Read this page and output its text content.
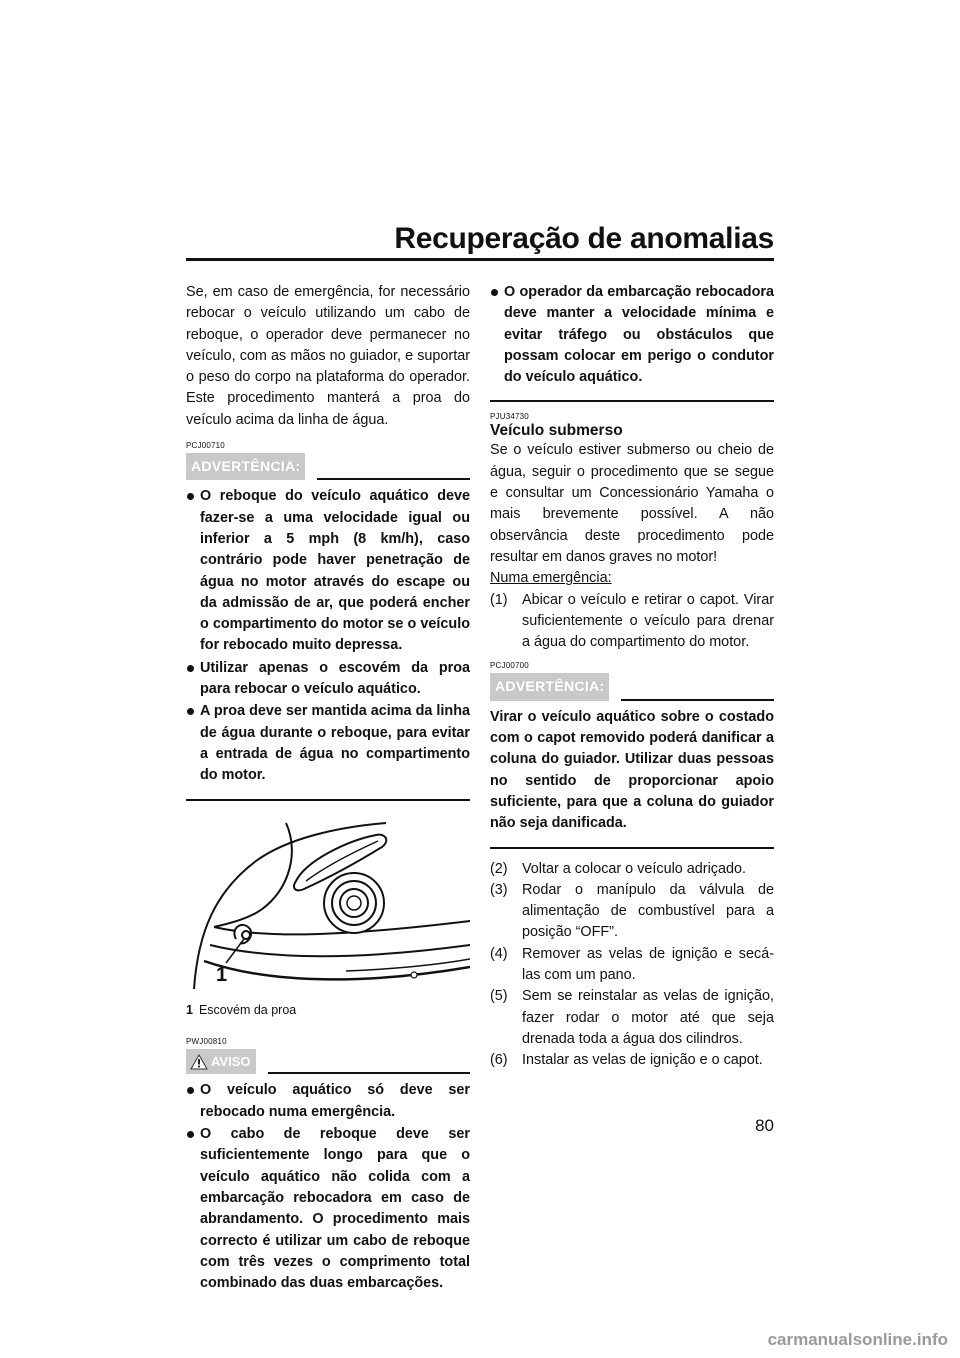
Recuperação de anomalias

Se, em caso de emergência, for necessário rebocar o veículo utilizando um cabo de reboque, o operador deve permanecer no veículo, com as mãos no guiador, e suportar o peso do corpo na plataforma do operador. Este procedimento manterá a proa do veículo acima da linha de água.

PCJ00710
ADVERTÊNCIA:
O reboque do veículo aquático deve fazer-se a uma velocidade igual ou inferior a 5 mph (8 km/h), caso contrário pode haver penetração de água no motor através do escape ou da admissão de ar, que poderá encher o compartimento do motor se o veículo for rebocado muito depressa.
Utilizar apenas o escovém da proa para rebocar o veículo aquático.
A proa deve ser mantida acima da linha de água durante o reboque, para evitar a entrada de água no compartimento do motor.
1
1 Escovém da proa
PWJ00810
AVISO
O veículo aquático só deve ser rebocado numa emergência.
O cabo de reboque deve ser suficientemente longo para que o veículo aquático não colida com a embarcação rebocadora em caso de abrandamento. O procedimento mais correcto é utilizar um cabo de reboque com três vezes o comprimento total combinado das duas embarcações.
O operador da embarcação rebocadora deve manter a velocidade mínima e evitar tráfego ou obstáculos que possam colocar em perigo o condutor do veículo aquático.
PJU34730
Veículo submerso

Se o veículo estiver submerso ou cheio de água, seguir o procedimento que se segue e consultar um Concessionário Yamaha o mais brevemente possível. A não observância deste procedimento pode resultar em danos graves no motor!

Numa emergência:
(1)	Abicar o veículo e retirar o capot. Virar suficientemente o veículo para drenar a água do compartimento do motor.
PCJ00700
ADVERTÊNCIA:

Virar o veículo aquático sobre o costado com o capot removido poderá danificar a coluna do guiador. Utilizar duas pessoas no sentido de proporcionar apoio suficiente, para que a coluna do guiador não seja danificada.

(2)	Voltar a colocar o veículo adriçado.
(3)	Rodar o manípulo da válvula de alimentação de combustível para a posição “OFF”.
(4)	Remover as velas de ignição e secá-las com um pano.
(5)	Sem se reinstalar as velas de ignição, fazer rodar o motor até que seja drenada toda a água dos cilindros.
(6)	Instalar as velas de ignição e o capot.
80
carmanualsonline.info
